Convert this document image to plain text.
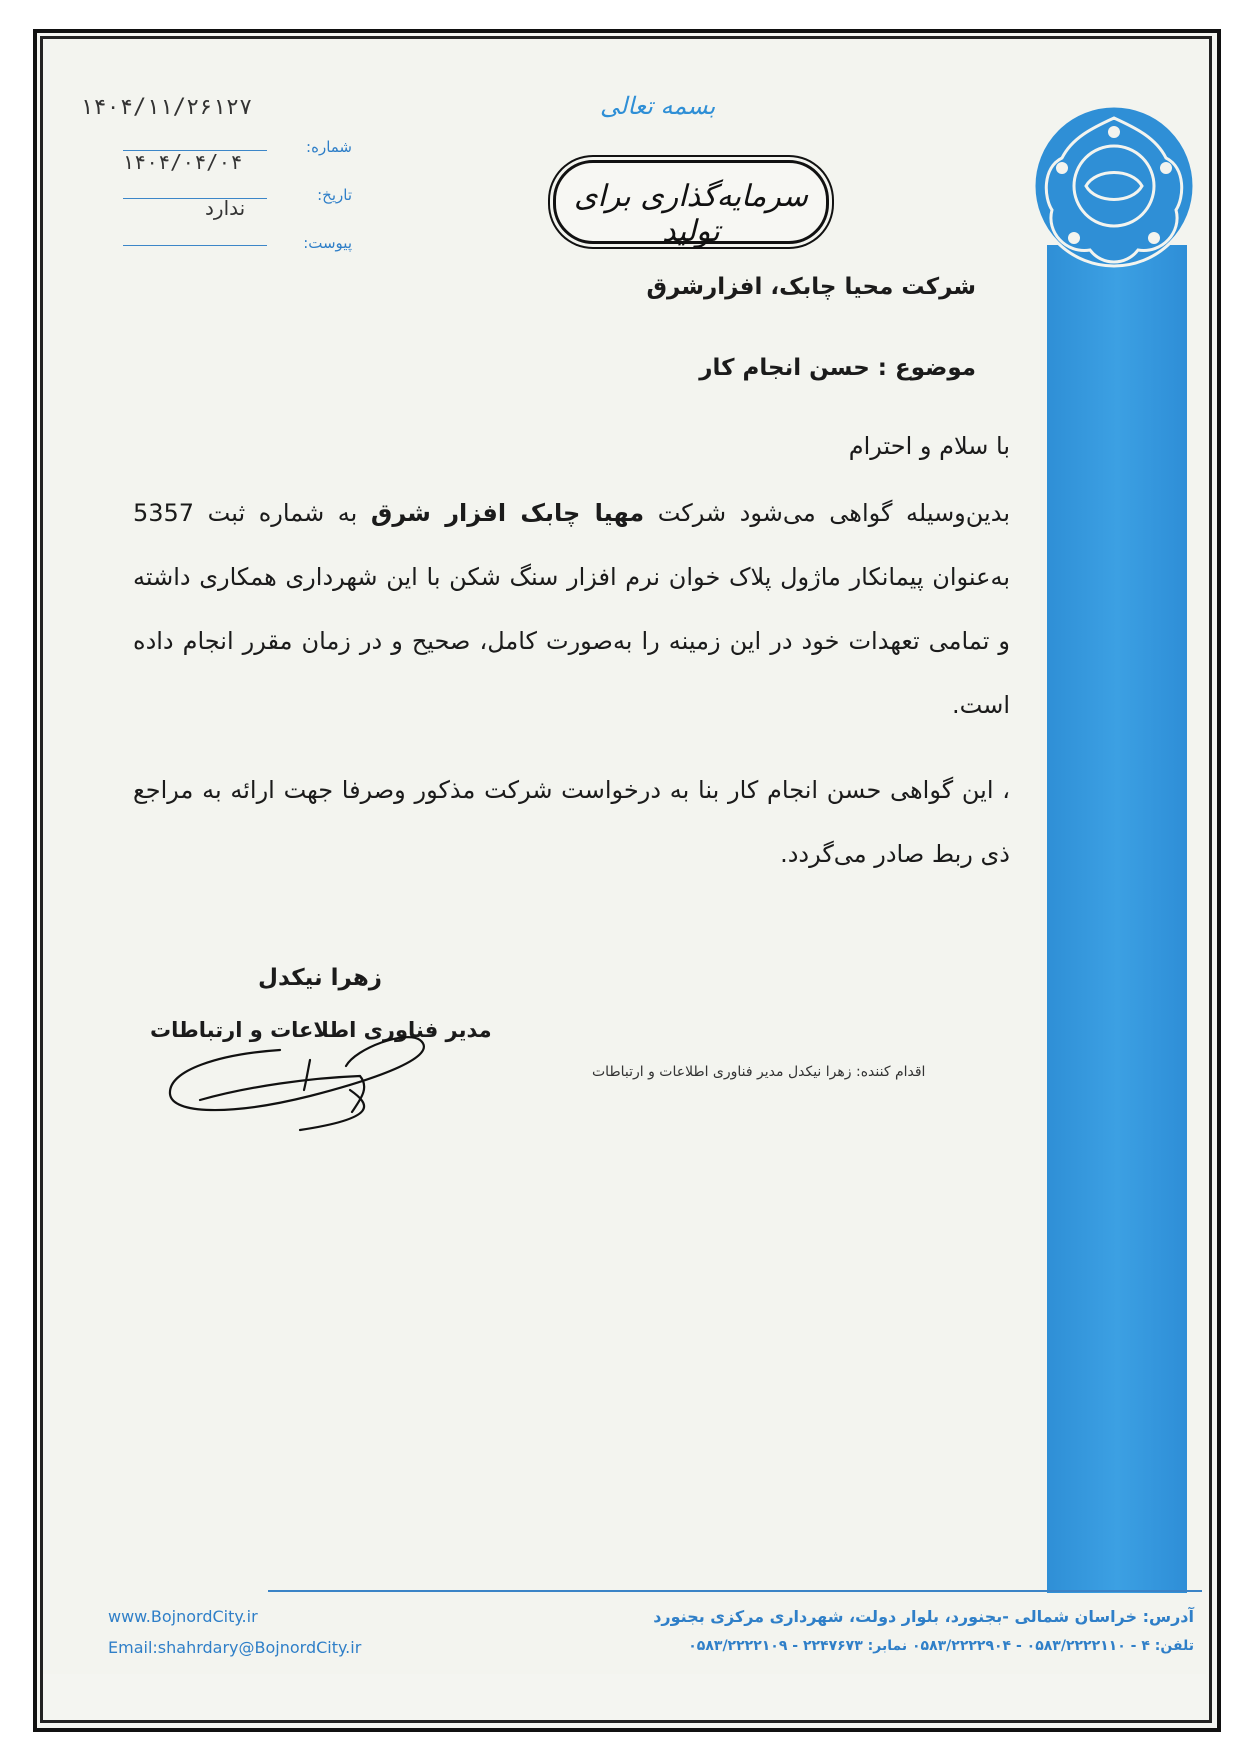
۱۴۰۴/۱۱/۲۶۱۲۷	بسمه تعالی
سرمایه‌گذاری برای تولید
شماره:
۱۴۰۴/۰۴/۰۴
تاریخ:
ندارد
پیوست:
شرکت محیا چابک، افزارشرق
موضوع : حسن انجام کار
با سلام و احترام
بدین‌وسیله گواهی می‌شود شرکت مهیا چابک افزار شرق به شماره ثبت 5357 به‌عنوان پیمانکار ماژول پلاک خوان نرم افزار سنگ شکن با این شهرداری همکاری داشته و تمامی تعهدات خود در این زمینه را به‌صورت کامل، صحیح و در زمان مقرر انجام داده است.
، این گواهی حسن انجام کار بنا به درخواست شرکت مذکور وصرفا جهت ارائه به مراجع ذی ربط صادر می‌گردد.
زهرا نیکدل
مدیر فناوری اطلاعات و ارتباطات
اقدام کننده: زهرا نیکدل مدیر فناوری اطلاعات و ارتباطات
www.BojnordCity.ir
Email:shahrdary@BojnordCity.ir
آدرس: خراسان شمالی -بجنورد، بلوار دولت، شهرداری مرکزی بجنورد
تلفن: ۴ - ۰۵۸۳/۲۲۲۲۱۱۰ - ۰۵۸۳/۲۲۲۲۹۰۴ نمابر: ۲۲۴۷۶۷۳ - ۰۵۸۳/۲۲۲۲۱۰۹
